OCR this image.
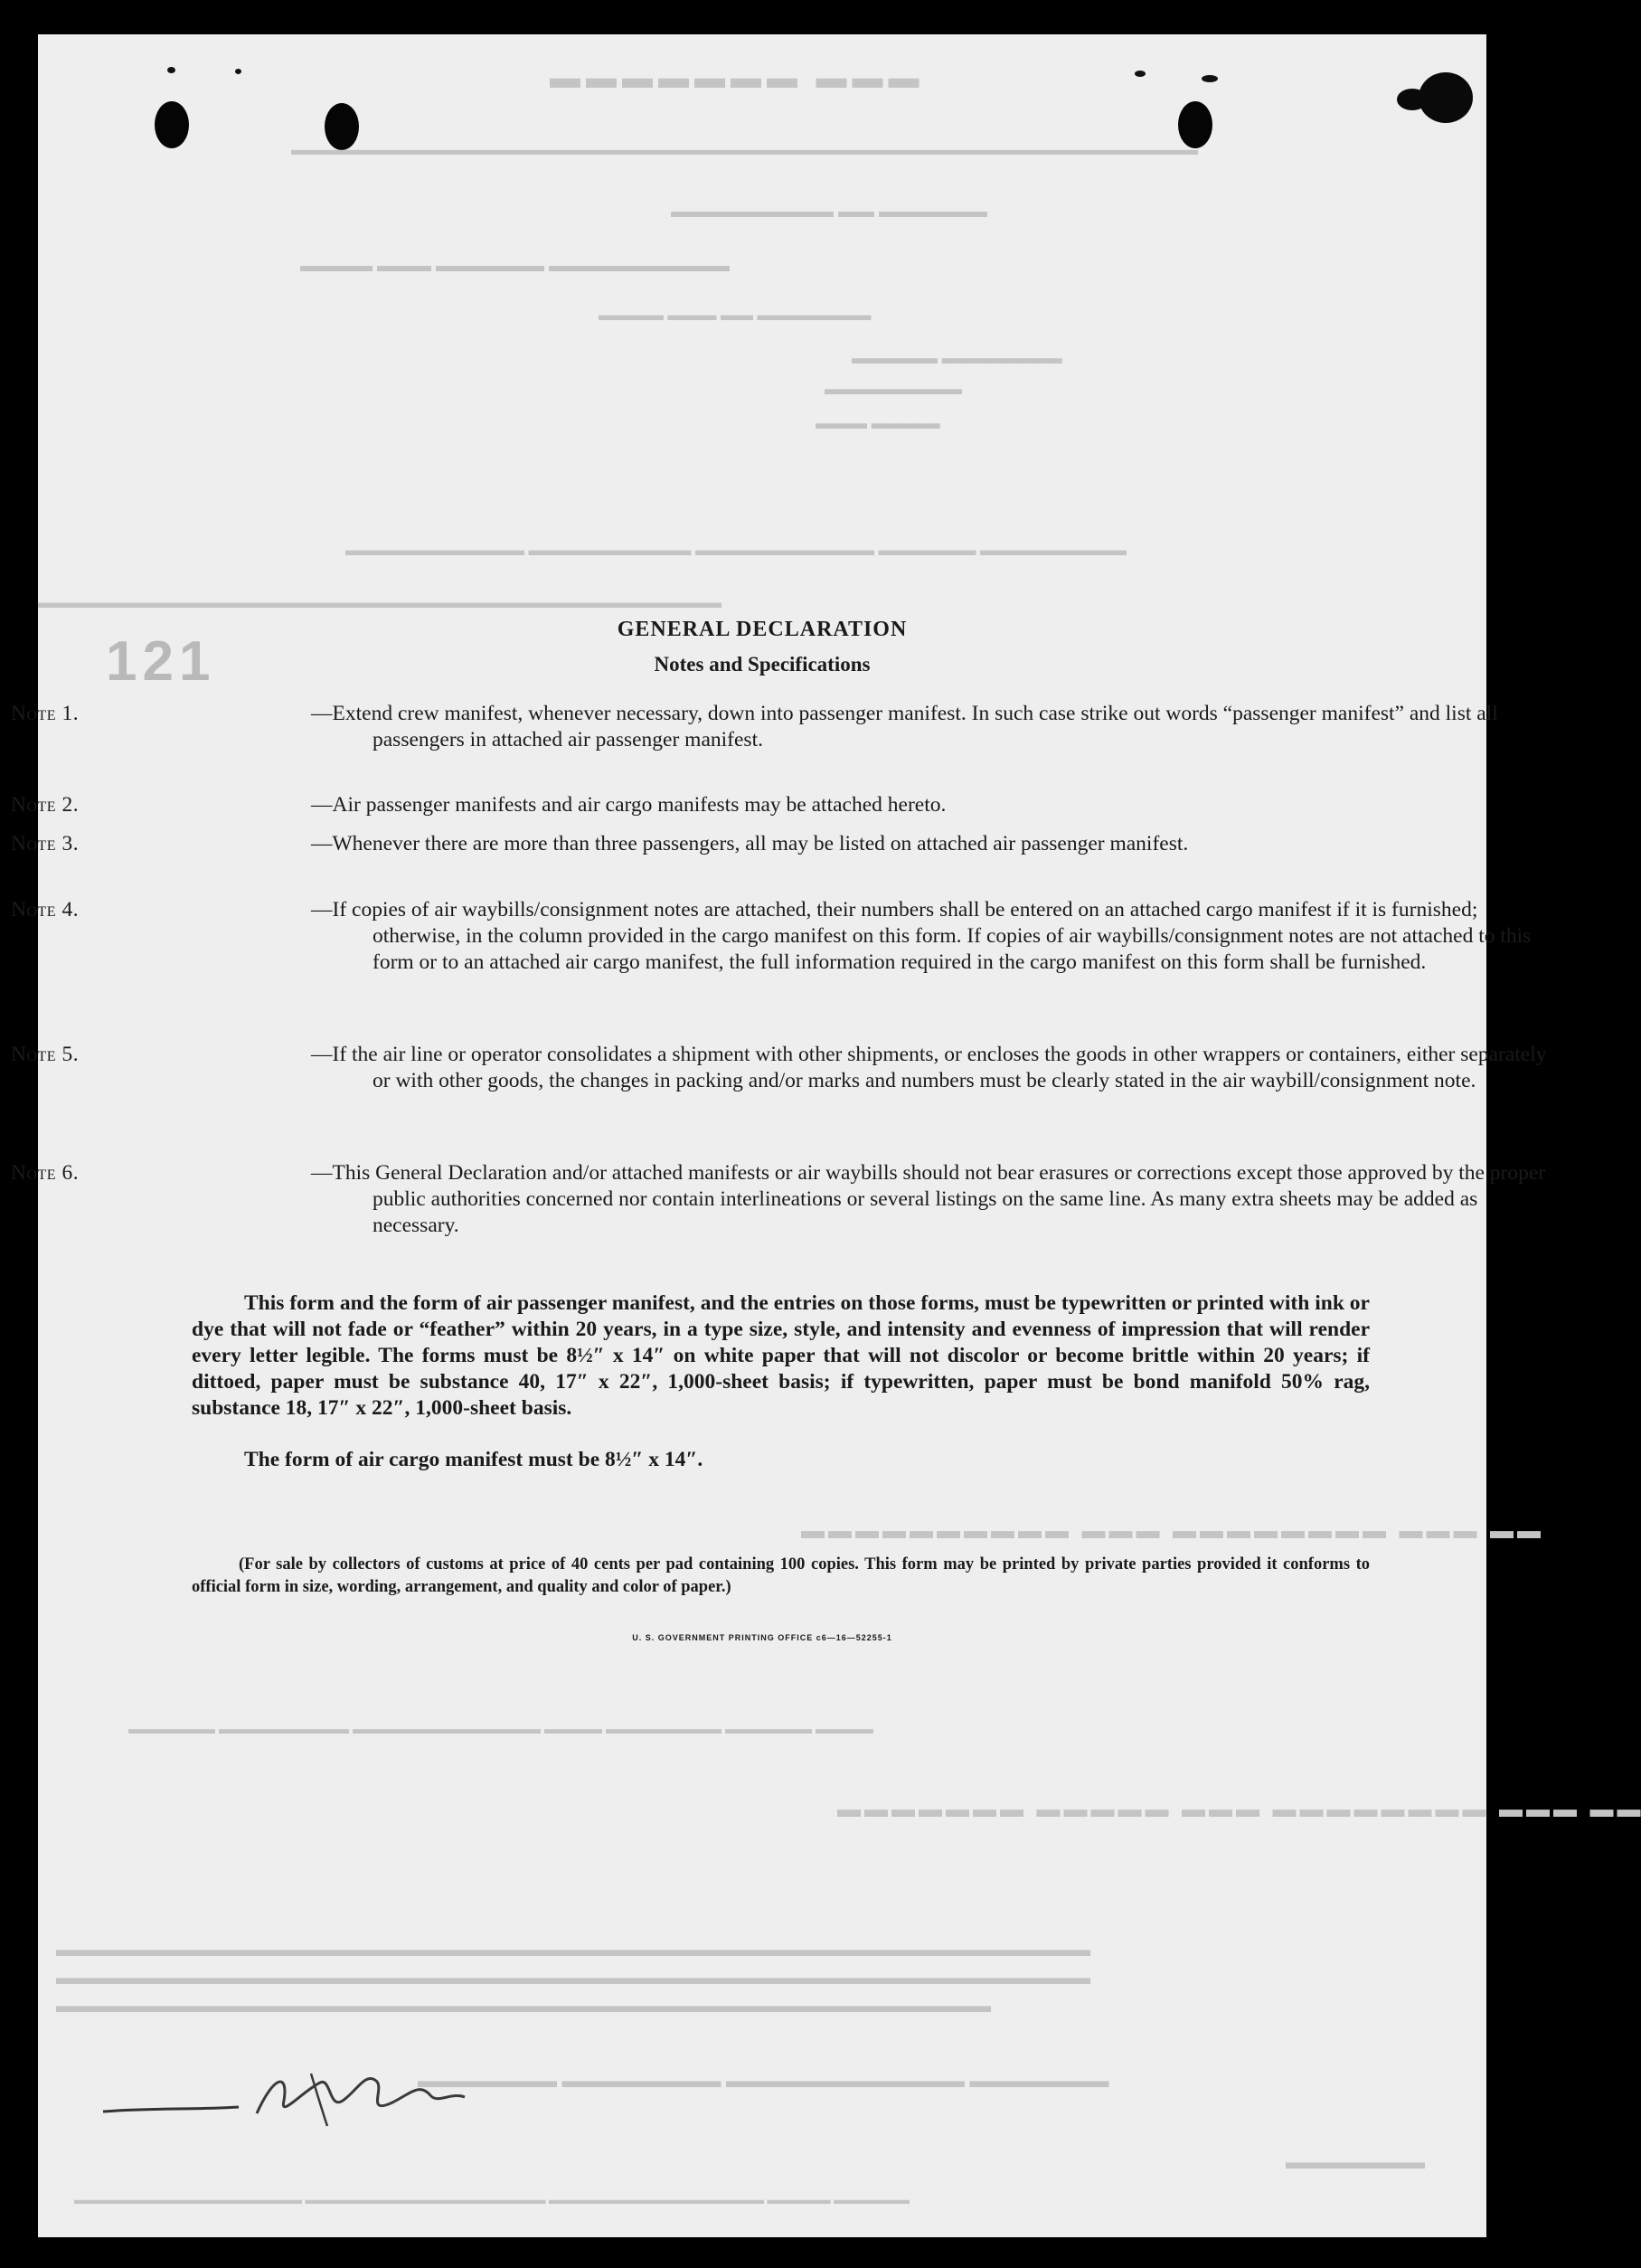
▬▬▬ ▬▬▬▬▬▬▬
▬▬▬▬▬▬▬▬▬▬▬▬▬▬▬▬▬▬▬▬▬▬▬▬▬▬▬▬▬▬▬▬▬▬▬▬▬▬▬▬▬▬▬▬▬▬▬▬▬▬▬▬▬▬▬▬▬▬▬
▬▬▬▬▬▬ ▬▬ ▬▬▬▬▬▬▬▬▬
▬▬▬▬▬▬▬▬▬▬ ▬▬▬▬▬▬ ▬▬▬ ▬▬▬▬
▬▬▬▬▬▬▬ ▬▬ ▬▬▬ ▬▬▬▬
▬▬▬▬▬▬▬ ▬▬▬▬▬
▬▬▬▬▬▬▬▬
▬▬▬▬ ▬▬▬
▬▬▬▬▬▬▬▬▬ ▬▬▬▬▬▬ ▬▬▬▬▬▬▬▬▬▬▬ ▬▬▬▬▬▬▬▬▬▬ ▬▬▬▬▬▬▬▬▬▬▬
▬▬▬▬▬▬▬▬▬▬▬▬▬▬▬▬▬▬▬▬▬▬▬▬▬▬▬▬▬▬▬▬▬▬▬▬▬▬▬▬▬▬
▬▬ ▬▬▬ ▬▬▬▬▬▬▬▬ ▬▬▬ ▬▬▬▬▬▬▬▬▬▬
▬▬ ▬▬▬ ▬▬▬▬▬▬▬▬ ▬▬▬ ▬▬▬▬▬ ▬▬▬▬▬▬▬
▬▬▬▬ ▬▬▬▬▬▬ ▬▬▬▬▬▬▬▬ ▬▬▬▬ ▬▬▬▬▬▬▬▬▬▬▬▬▬ ▬▬▬▬▬▬▬▬▬ ▬▬▬▬▬▬
▬▬▬▬▬▬▬▬▬▬▬▬▬▬▬▬▬▬▬▬▬▬▬▬▬▬▬▬▬▬▬▬▬▬▬▬▬▬▬▬▬▬▬▬▬▬▬▬▬▬▬▬
▬▬▬▬▬▬▬▬▬▬▬▬▬▬▬▬▬▬▬▬▬▬▬▬▬▬▬▬▬▬▬▬▬▬▬▬▬▬▬▬▬▬▬▬▬▬▬▬▬▬▬▬
▬▬▬▬▬▬▬▬▬▬▬▬▬▬▬▬▬▬▬▬▬▬▬▬▬▬▬▬▬▬▬▬▬▬▬▬▬▬▬▬▬▬▬▬▬▬▬
▬▬▬▬▬▬▬ ▬▬▬▬▬▬▬▬▬▬▬▬ ▬▬▬▬▬▬▬▬ ▬▬▬▬▬▬▬
▬▬▬▬▬▬▬
▬▬▬▬▬▬ ▬▬▬▬▬ ▬▬▬▬▬▬▬▬▬▬▬▬▬▬▬▬▬ ▬▬▬▬▬▬▬▬▬▬▬▬▬▬▬▬▬▬▬ ▬▬▬▬▬▬▬▬▬▬▬▬▬▬▬▬▬▬
121
GENERAL DECLARATION
Notes and Specifications
Note 1.	—Extend crew manifest, whenever necessary, down into passenger manifest. In such case strike out words “passenger manifest” and list all passengers in attached air passenger manifest.
Note 2.	—Air passenger manifests and air cargo manifests may be attached hereto.
Note 3.	—Whenever there are more than three passengers, all may be listed on attached air passenger manifest.
Note 4.	—If copies of air waybills/consignment notes are attached, their numbers shall be entered on an attached cargo manifest if it is furnished; otherwise, in the column provided in the cargo manifest on this form. If copies of air waybills/consignment notes are not attached to this form or to an attached air cargo manifest, the full information required in the cargo manifest on this form shall be furnished.
Note 5.	—If the air line or operator consolidates a shipment with other shipments, or encloses the goods in other wrappers or containers, either separately or with other goods, the changes in packing and/or marks and numbers must be clearly stated in the air waybill/consignment note.
Note 6.	—This General Declaration and/or attached manifests or air waybills should not bear erasures or corrections except those approved by the proper public authorities concerned nor contain interlineations or several listings on the same line. As many extra sheets may be added as necessary.
This form and the form of air passenger manifest, and the entries on those forms, must be typewritten or printed with ink or dye that will not fade or “feather” within 20 years, in a type size, style, and intensity and evenness of impression that will render every letter legible. The forms must be 8½″ x 14″ on white paper that will not discolor or become brittle within 20 years; if dittoed, paper must be substance 40, 17″ x 22″, 1,000-sheet basis; if typewritten, paper must be bond manifold 50% rag, substance 18, 17″ x 22″, 1,000-sheet basis.
The form of air cargo manifest must be 8½″ x 14″.
(For sale by collectors of customs at price of 40 cents per pad containing 100 copies. This form may be printed by private parties provided it conforms to official form in size, wording, arrangement, and quality and color of paper.)
U. S. GOVERNMENT PRINTING OFFICE c6—16—52255-1
